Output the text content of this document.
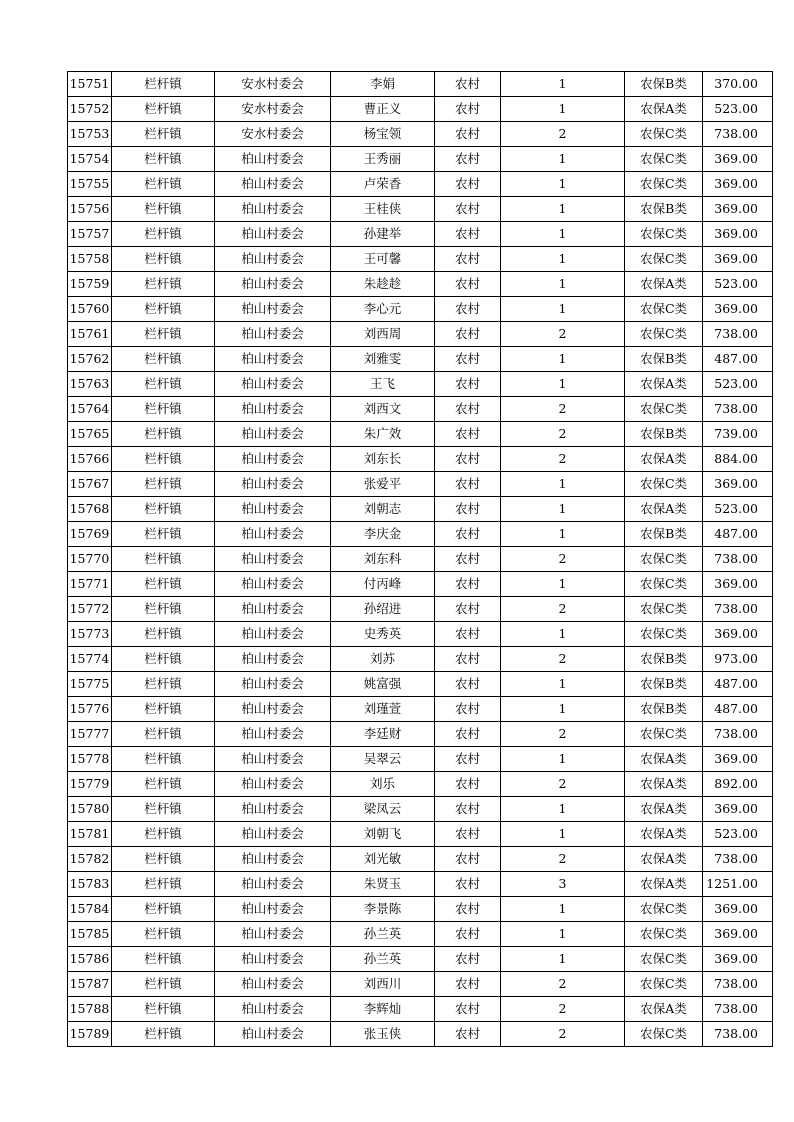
15751	栏杆镇	安水村委会	李娟	农村	1	农保B类	370.00
15752	栏杆镇	安水村委会	曹正义	农村	1	农保A类	523.00
15753	栏杆镇	安水村委会	杨宝领	农村	2	农保C类	738.00
15754	栏杆镇	柏山村委会	王秀丽	农村	1	农保C类	369.00
15755	栏杆镇	柏山村委会	卢荣香	农村	1	农保C类	369.00
15756	栏杆镇	柏山村委会	王桂侠	农村	1	农保B类	369.00
15757	栏杆镇	柏山村委会	孙建举	农村	1	农保C类	369.00
15758	栏杆镇	柏山村委会	王可馨	农村	1	农保C类	369.00
15759	栏杆镇	柏山村委会	朱趁趁	农村	1	农保A类	523.00
15760	栏杆镇	柏山村委会	李心元	农村	1	农保C类	369.00
15761	栏杆镇	柏山村委会	刘西周	农村	2	农保C类	738.00
15762	栏杆镇	柏山村委会	刘雅雯	农村	1	农保B类	487.00
15763	栏杆镇	柏山村委会	王飞	农村	1	农保A类	523.00
15764	栏杆镇	柏山村委会	刘西文	农村	2	农保C类	738.00
15765	栏杆镇	柏山村委会	朱广效	农村	2	农保B类	739.00
15766	栏杆镇	柏山村委会	刘东长	农村	2	农保A类	884.00
15767	栏杆镇	柏山村委会	张爱平	农村	1	农保C类	369.00
15768	栏杆镇	柏山村委会	刘朝志	农村	1	农保A类	523.00
15769	栏杆镇	柏山村委会	李庆金	农村	1	农保B类	487.00
15770	栏杆镇	柏山村委会	刘东科	农村	2	农保C类	738.00
15771	栏杆镇	柏山村委会	付丙峰	农村	1	农保C类	369.00
15772	栏杆镇	柏山村委会	孙绍进	农村	2	农保C类	738.00
15773	栏杆镇	柏山村委会	史秀英	农村	1	农保C类	369.00
15774	栏杆镇	柏山村委会	刘苏	农村	2	农保B类	973.00
15775	栏杆镇	柏山村委会	姚富强	农村	1	农保B类	487.00
15776	栏杆镇	柏山村委会	刘瑾萱	农村	1	农保B类	487.00
15777	栏杆镇	柏山村委会	李廷财	农村	2	农保C类	738.00
15778	栏杆镇	柏山村委会	吴翠云	农村	1	农保A类	369.00
15779	栏杆镇	柏山村委会	刘乐	农村	2	农保A类	892.00
15780	栏杆镇	柏山村委会	梁凤云	农村	1	农保A类	369.00
15781	栏杆镇	柏山村委会	刘朝飞	农村	1	农保A类	523.00
15782	栏杆镇	柏山村委会	刘光敏	农村	2	农保A类	738.00
15783	栏杆镇	柏山村委会	朱贤玉	农村	3	农保A类	1251.00
15784	栏杆镇	柏山村委会	李景陈	农村	1	农保C类	369.00
15785	栏杆镇	柏山村委会	孙兰英	农村	1	农保C类	369.00
15786	栏杆镇	柏山村委会	孙兰英	农村	1	农保C类	369.00
15787	栏杆镇	柏山村委会	刘西川	农村	2	农保C类	738.00
15788	栏杆镇	柏山村委会	李辉灿	农村	2	农保A类	738.00
15789	栏杆镇	柏山村委会	张玉侠	农村	2	农保C类	738.00
